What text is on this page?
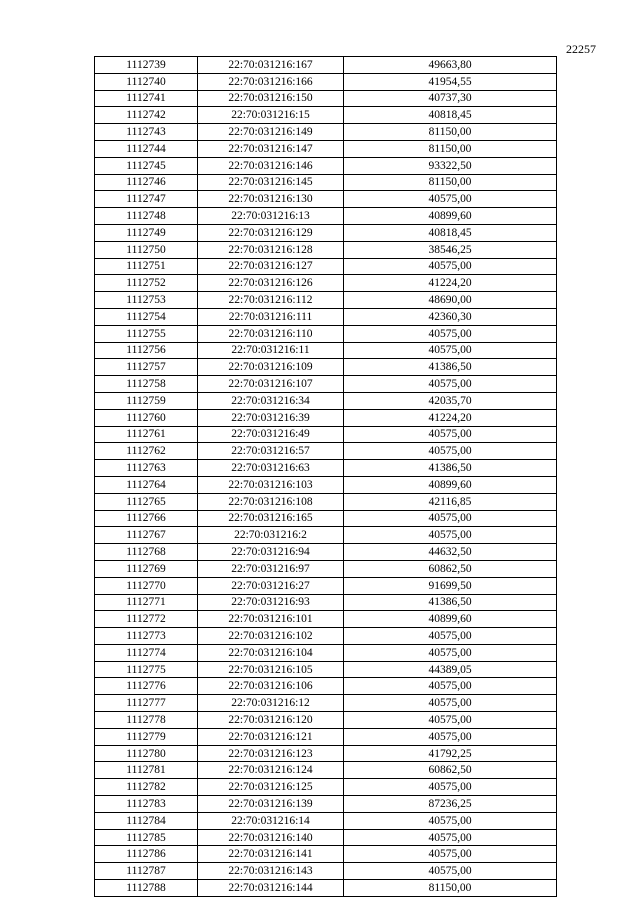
22257
1112739	22:70:031216:167	49663,80
1112740	22:70:031216:166	41954,55
1112741	22:70:031216:150	40737,30
1112742	22:70:031216:15	40818,45
1112743	22:70:031216:149	81150,00
1112744	22:70:031216:147	81150,00
1112745	22:70:031216:146	93322,50
1112746	22:70:031216:145	81150,00
1112747	22:70:031216:130	40575,00
1112748	22:70:031216:13	40899,60
1112749	22:70:031216:129	40818,45
1112750	22:70:031216:128	38546,25
1112751	22:70:031216:127	40575,00
1112752	22:70:031216:126	41224,20
1112753	22:70:031216:112	48690,00
1112754	22:70:031216:111	42360,30
1112755	22:70:031216:110	40575,00
1112756	22:70:031216:11	40575,00
1112757	22:70:031216:109	41386,50
1112758	22:70:031216:107	40575,00
1112759	22:70:031216:34	42035,70
1112760	22:70:031216:39	41224,20
1112761	22:70:031216:49	40575,00
1112762	22:70:031216:57	40575,00
1112763	22:70:031216:63	41386,50
1112764	22:70:031216:103	40899,60
1112765	22:70:031216:108	42116,85
1112766	22:70:031216:165	40575,00
1112767	22:70:031216:2	40575,00
1112768	22:70:031216:94	44632,50
1112769	22:70:031216:97	60862,50
1112770	22:70:031216:27	91699,50
1112771	22:70:031216:93	41386,50
1112772	22:70:031216:101	40899,60
1112773	22:70:031216:102	40575,00
1112774	22:70:031216:104	40575,00
1112775	22:70:031216:105	44389,05
1112776	22:70:031216:106	40575,00
1112777	22:70:031216:12	40575,00
1112778	22:70:031216:120	40575,00
1112779	22:70:031216:121	40575,00
1112780	22:70:031216:123	41792,25
1112781	22:70:031216:124	60862,50
1112782	22:70:031216:125	40575,00
1112783	22:70:031216:139	87236,25
1112784	22:70:031216:14	40575,00
1112785	22:70:031216:140	40575,00
1112786	22:70:031216:141	40575,00
1112787	22:70:031216:143	40575,00
1112788	22:70:031216:144	81150,00
